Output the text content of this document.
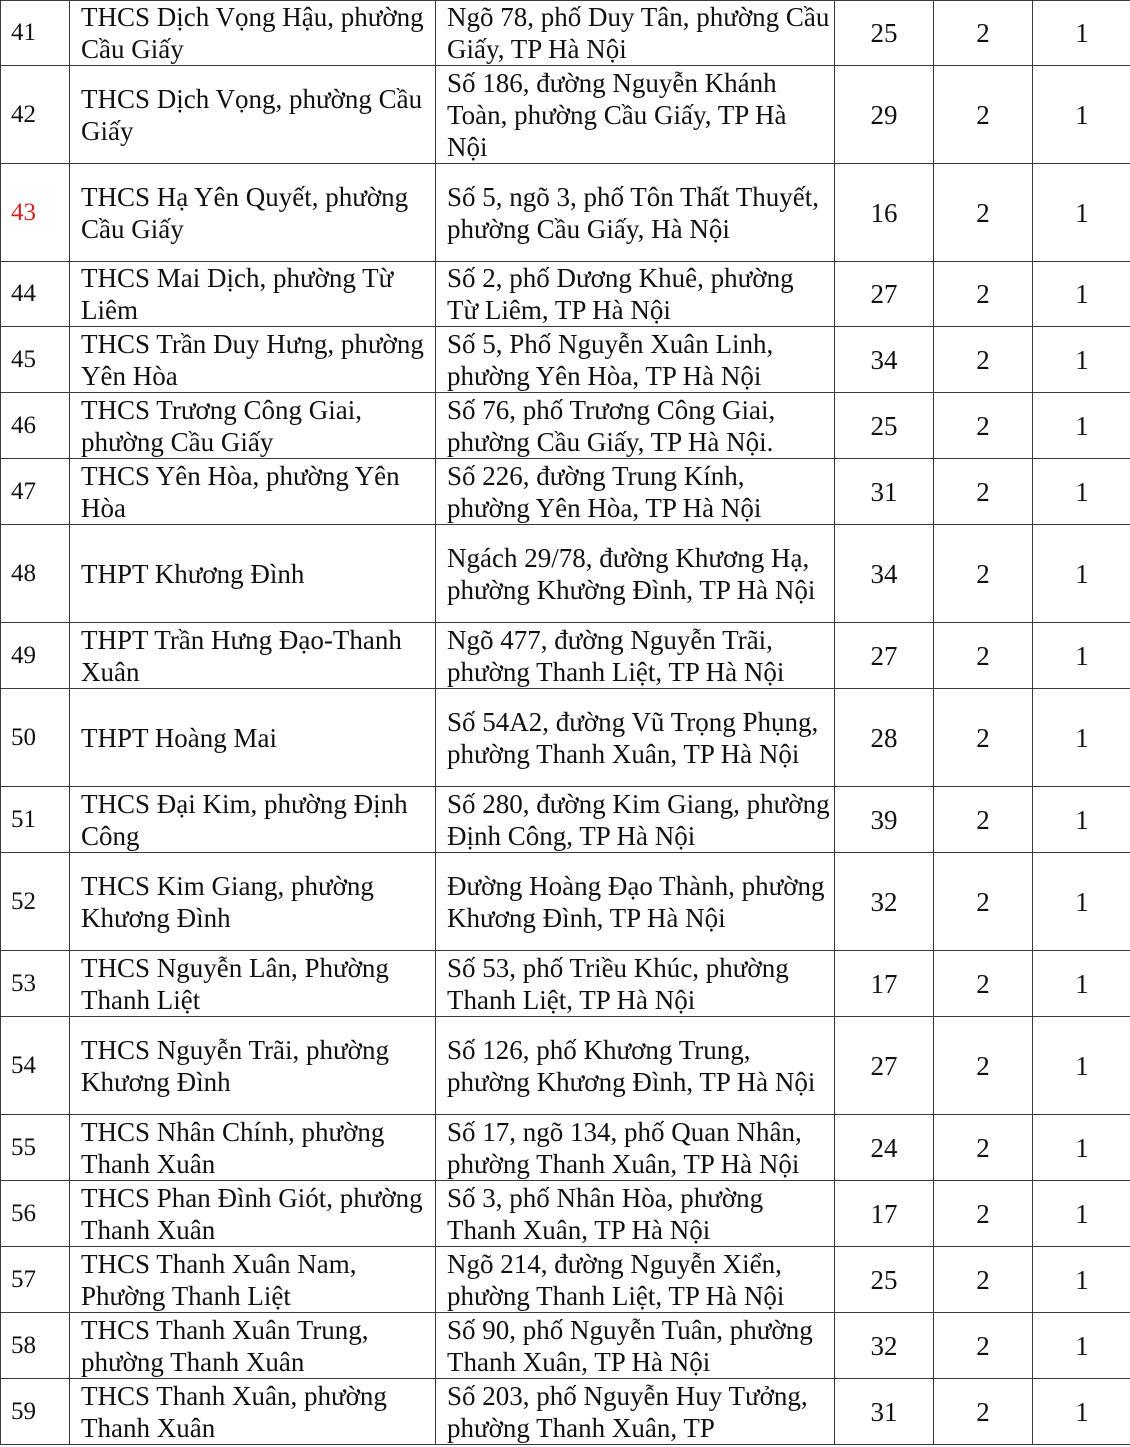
41	THCS Dịch Vọng Hậu, phường Cầu Giấy	Ngõ 78, phố Duy Tân, phường Cầu Giấy, TP Hà Nội	25	2	1

42	THCS Dịch Vọng, phường Cầu Giấy	Số 186, đường Nguyễn Khánh Toàn, phường Cầu Giấy, TP Hà Nội	29	2	1

43	THCS Hạ Yên Quyết, phường Cầu Giấy	Số 5, ngõ 3, phố Tôn Thất Thuyết, phường Cầu Giấy, Hà Nội	16	2	1

44	THCS Mai Dịch, phường Từ Liêm	Số 2, phố Dương Khuê, phường Từ Liêm, TP Hà Nội	27	2	1

45	THCS Trần Duy Hưng, phường Yên Hòa	Số 5, Phố Nguyễn Xuân Linh, phường Yên Hòa, TP Hà Nội	34	2	1

46	THCS Trương Công Giai, phường Cầu Giấy	Số 76, phố Trương Công Giai, phường Cầu Giấy, TP Hà Nội.	25	2	1

47	THCS Yên Hòa, phường Yên Hòa	Số 226, đường Trung Kính, phường Yên Hòa, TP Hà Nội	31	2	1

48	THPT Khương Đình	Ngách 29/78, đường Khương Hạ, phường Khường Đình, TP Hà Nội	34	2	1

49	THPT Trần Hưng Đạo-Thanh Xuân	Ngõ 477, đường Nguyễn Trãi, phường Thanh Liệt, TP Hà Nội	27	2	1

50	THPT Hoàng Mai	Số 54A2, đường Vũ Trọng Phụng, phường Thanh Xuân, TP Hà Nội	28	2	1

51	THCS Đại Kim, phường Định Công	Số 280, đường Kim Giang, phường Định Công, TP Hà Nội	39	2	1

52	THCS Kim Giang, phường Khương Đình	Đường Hoàng Đạo Thành, phường Khương Đình, TP Hà Nội	32	2	1

53	THCS Nguyễn Lân, Phường Thanh Liệt	Số 53, phố Triều Khúc, phường Thanh Liệt, TP Hà Nội	17	2	1

54	THCS Nguyễn Trãi, phường Khương Đình	Số 126, phố Khương Trung, phường Khương Đình, TP Hà Nội	27	2	1

55	THCS Nhân Chính, phường Thanh Xuân	Số 17, ngõ 134, phố Quan Nhân, phường Thanh Xuân, TP Hà Nội	24	2	1

56	THCS Phan Đình Giót, phường Thanh Xuân	Số 3, phố Nhân Hòa, phường Thanh Xuân, TP Hà Nội	17	2	1

57	THCS Thanh Xuân Nam, Phường Thanh Liệt	Ngõ 214, đường Nguyễn Xiển, phường Thanh Liệt, TP Hà Nội	25	2	1

58	THCS Thanh Xuân Trung, phường Thanh Xuân	Số 90, phố Nguyễn Tuân, phường Thanh Xuân, TP Hà Nội	32	2	1

59	THCS Thanh Xuân, phường Thanh Xuân	Số 203, phố Nguyễn Huy Tưởng, phường Thanh Xuân, TP	31	2	1
